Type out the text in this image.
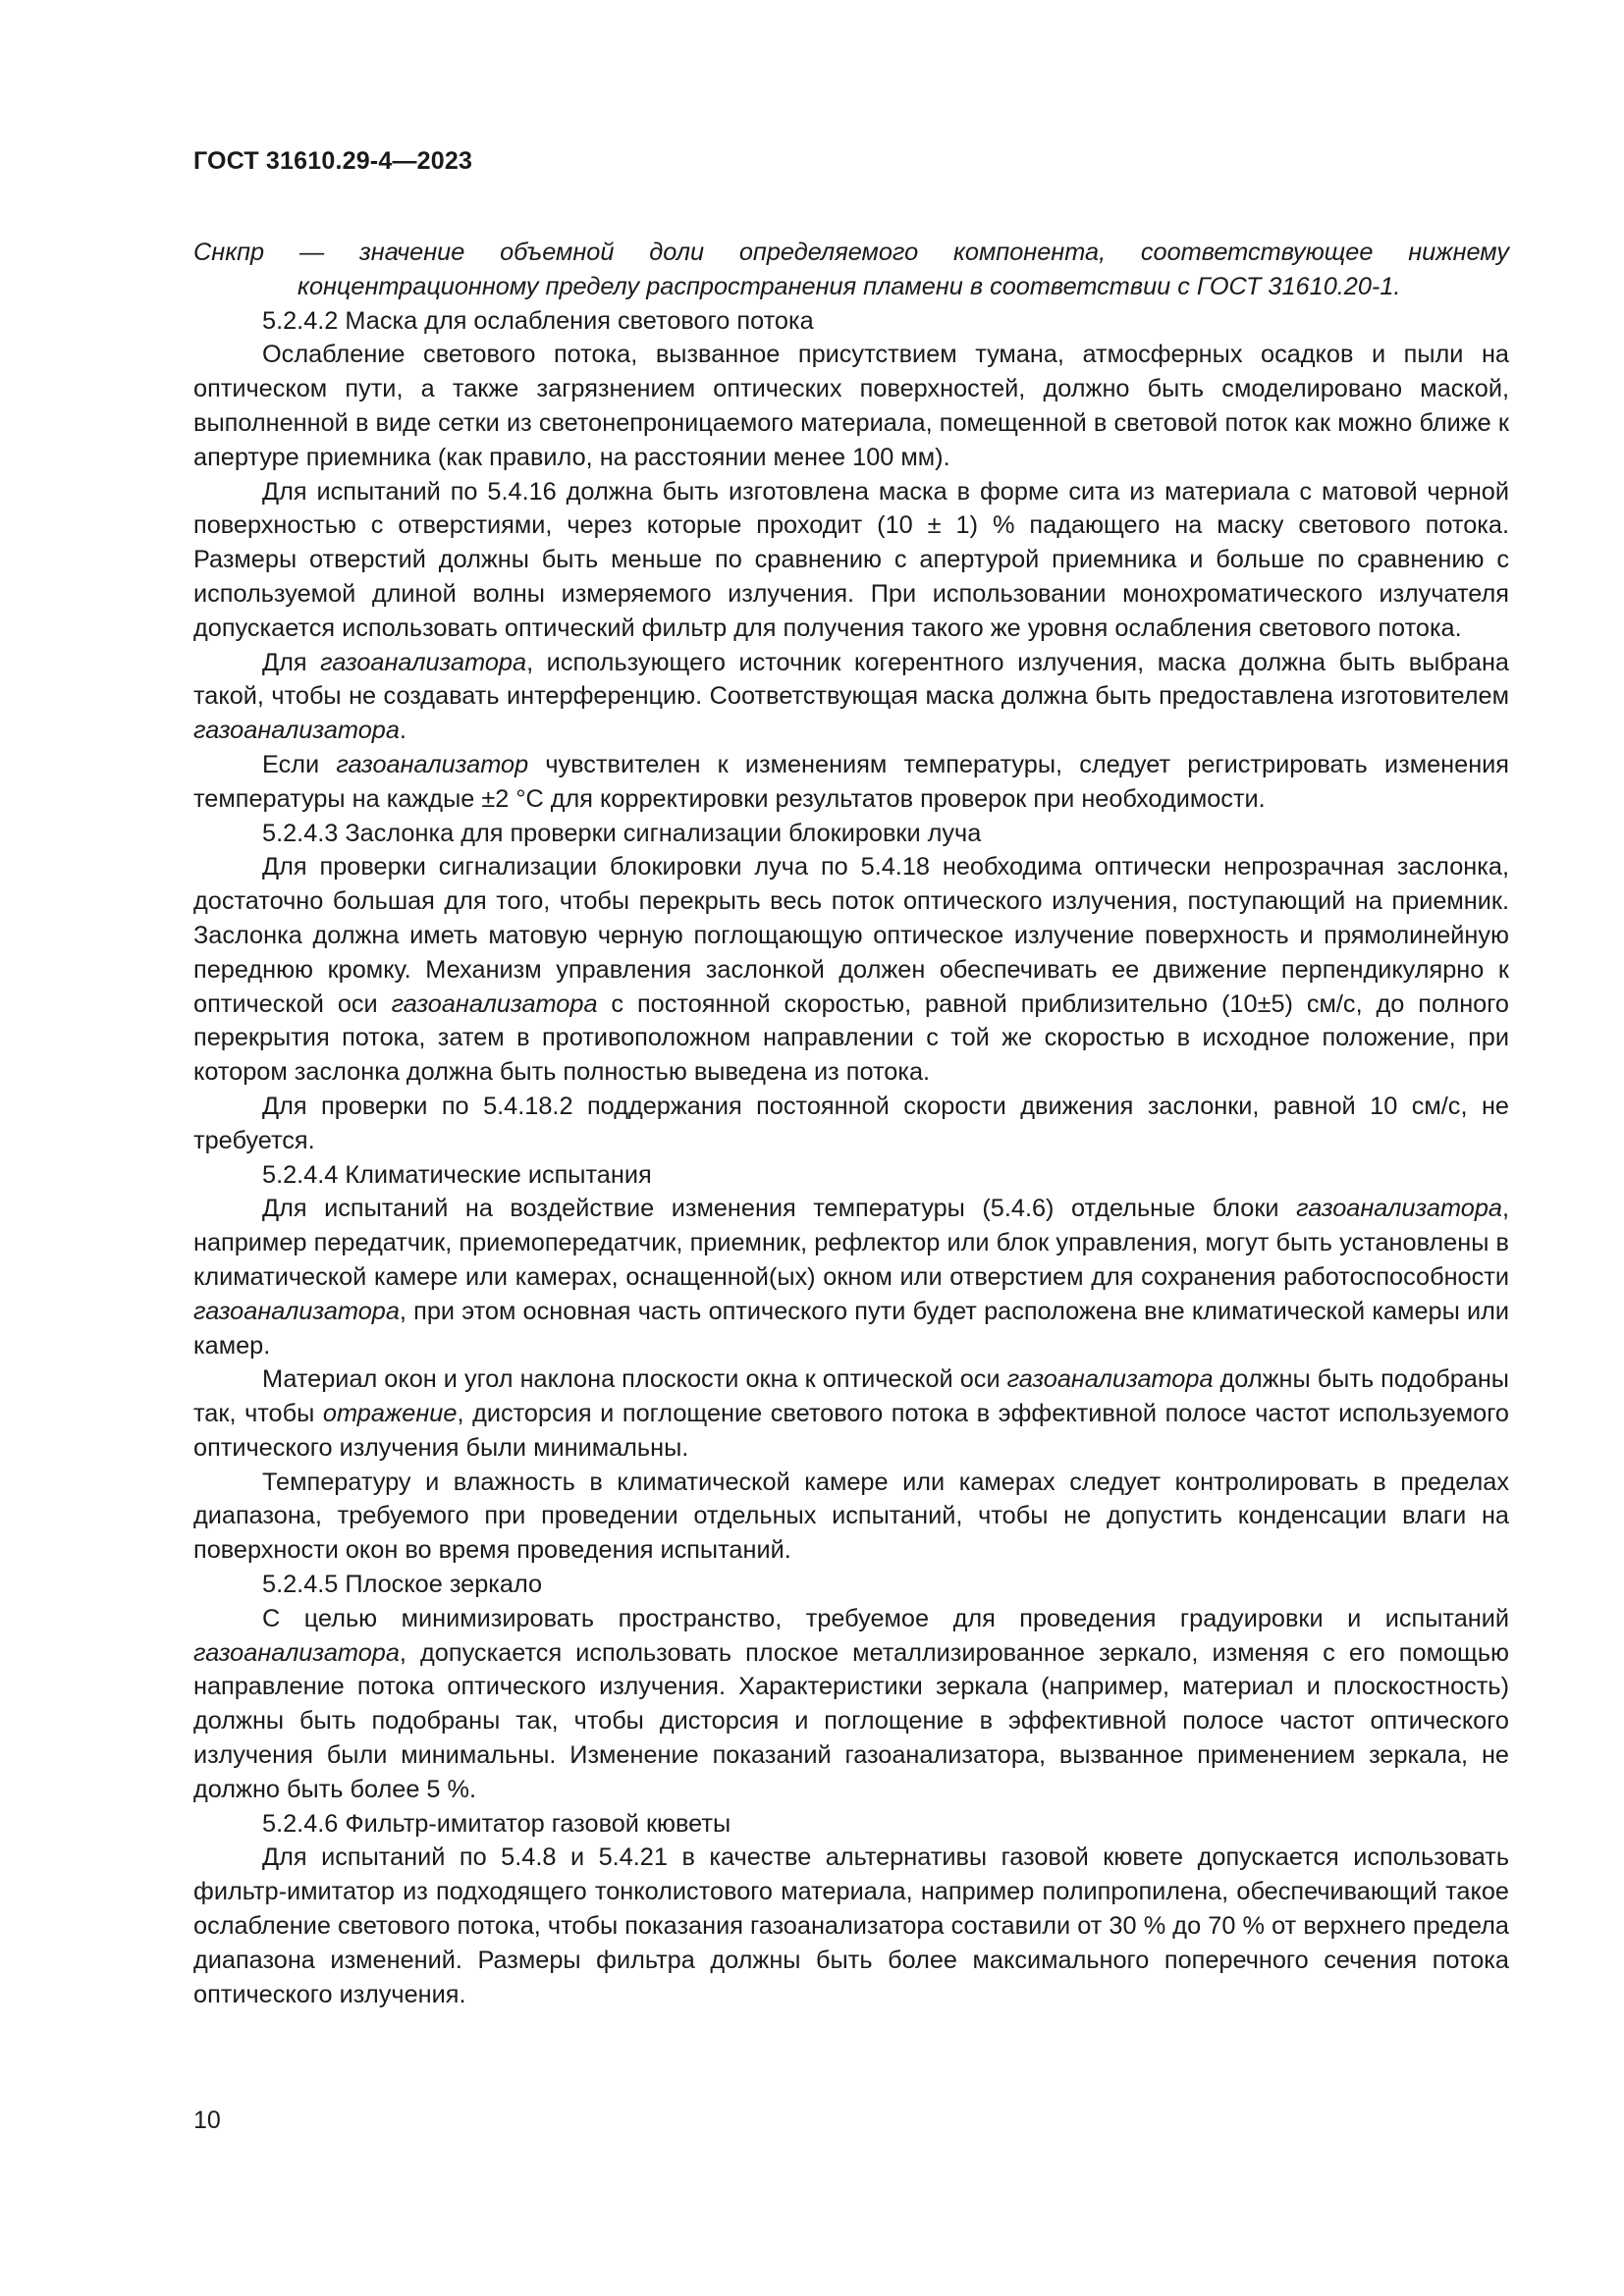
ГОСТ 31610.29-4—2023

Снкпр — значение объемной доли определяемого компонента, соответствующее нижнему концентрационному пределу распространения пламени в соответствии с ГОСТ 31610.20-1.

5.2.4.2 Маска для ослабления светового потока

Ослабление светового потока, вызванное присутствием тумана, атмосферных осадков и пыли на оптическом пути, а также загрязнением оптических поверхностей, должно быть смоделировано маской, выполненной в виде сетки из светонепроницаемого материала, помещенной в световой поток как можно ближе к апертуре приемника (как правило, на расстоянии менее 100 мм).

Для испытаний по 5.4.16 должна быть изготовлена маска в форме сита из материала с матовой черной поверхностью с отверстиями, через которые проходит (10 ± 1) % падающего на маску светового потока. Размеры отверстий должны быть меньше по сравнению с апертурой приемника и больше по сравнению с используемой длиной волны измеряемого излучения. При использовании монохроматического излучателя допускается использовать оптический фильтр для получения такого же уровня ослабления светового потока.

Для газоанализатора, использующего источник когерентного излучения, маска должна быть выбрана такой, чтобы не создавать интерференцию. Соответствующая маска должна быть предоставлена изготовителем газоанализатора.

Если газоанализатор чувствителен к изменениям температуры, следует регистрировать изменения температуры на каждые ±2 °С для корректировки результатов проверок при необходимости.

5.2.4.3 Заслонка для проверки сигнализации блокировки луча

Для проверки сигнализации блокировки луча по 5.4.18 необходима оптически непрозрачная заслонка, достаточно большая для того, чтобы перекрыть весь поток оптического излучения, поступающий на приемник. Заслонка должна иметь матовую черную поглощающую оптическое излучение поверхность и прямолинейную переднюю кромку. Механизм управления заслонкой должен обеспечивать ее движение перпендикулярно к оптической оси газоанализатора с постоянной скоростью, равной приблизительно (10±5) см/с, до полного перекрытия потока, затем в противоположном направлении с той же скоростью в исходное положение, при котором заслонка должна быть полностью выведена из потока.

Для проверки по 5.4.18.2 поддержания постоянной скорости движения заслонки, равной 10 см/с, не требуется.

5.2.4.4 Климатические испытания

Для испытаний на воздействие изменения температуры (5.4.6) отдельные блоки газоанализатора, например передатчик, приемопередатчик, приемник, рефлектор или блок управления, могут быть установлены в климатической камере или камерах, оснащенной(ых) окном или отверстием для сохранения работоспособности газоанализатора, при этом основная часть оптического пути будет расположена вне климатической камеры или камер.

Материал окон и угол наклона плоскости окна к оптической оси газоанализатора должны быть подобраны так, чтобы отражение, дисторсия и поглощение светового потока в эффективной полосе частот используемого оптического излучения были минимальны.

Температуру и влажность в климатической камере или камерах следует контролировать в пределах диапазона, требуемого при проведении отдельных испытаний, чтобы не допустить конденсации влаги на поверхности окон во время проведения испытаний.

5.2.4.5 Плоское зеркало

С целью минимизировать пространство, требуемое для проведения градуировки и испытаний газоанализатора, допускается использовать плоское металлизированное зеркало, изменяя с его помощью направление потока оптического излучения. Характеристики зеркала (например, материал и плоскостность) должны быть подобраны так, чтобы дисторсия и поглощение в эффективной полосе частот оптического излучения были минимальны. Изменение показаний газоанализатора, вызванное применением зеркала, не должно быть более 5 %.

5.2.4.6 Фильтр-имитатор газовой кюветы

Для испытаний по 5.4.8 и 5.4.21 в качестве альтернативы газовой кювете допускается использовать фильтр-имитатор из подходящего тонколистового материала, например полипропилена, обеспечивающий такое ослабление светового потока, чтобы показания газоанализатора составили от 30 % до 70 % от верхнего предела диапазона изменений. Размеры фильтра должны быть более максимального поперечного сечения потока оптического излучения.

10
